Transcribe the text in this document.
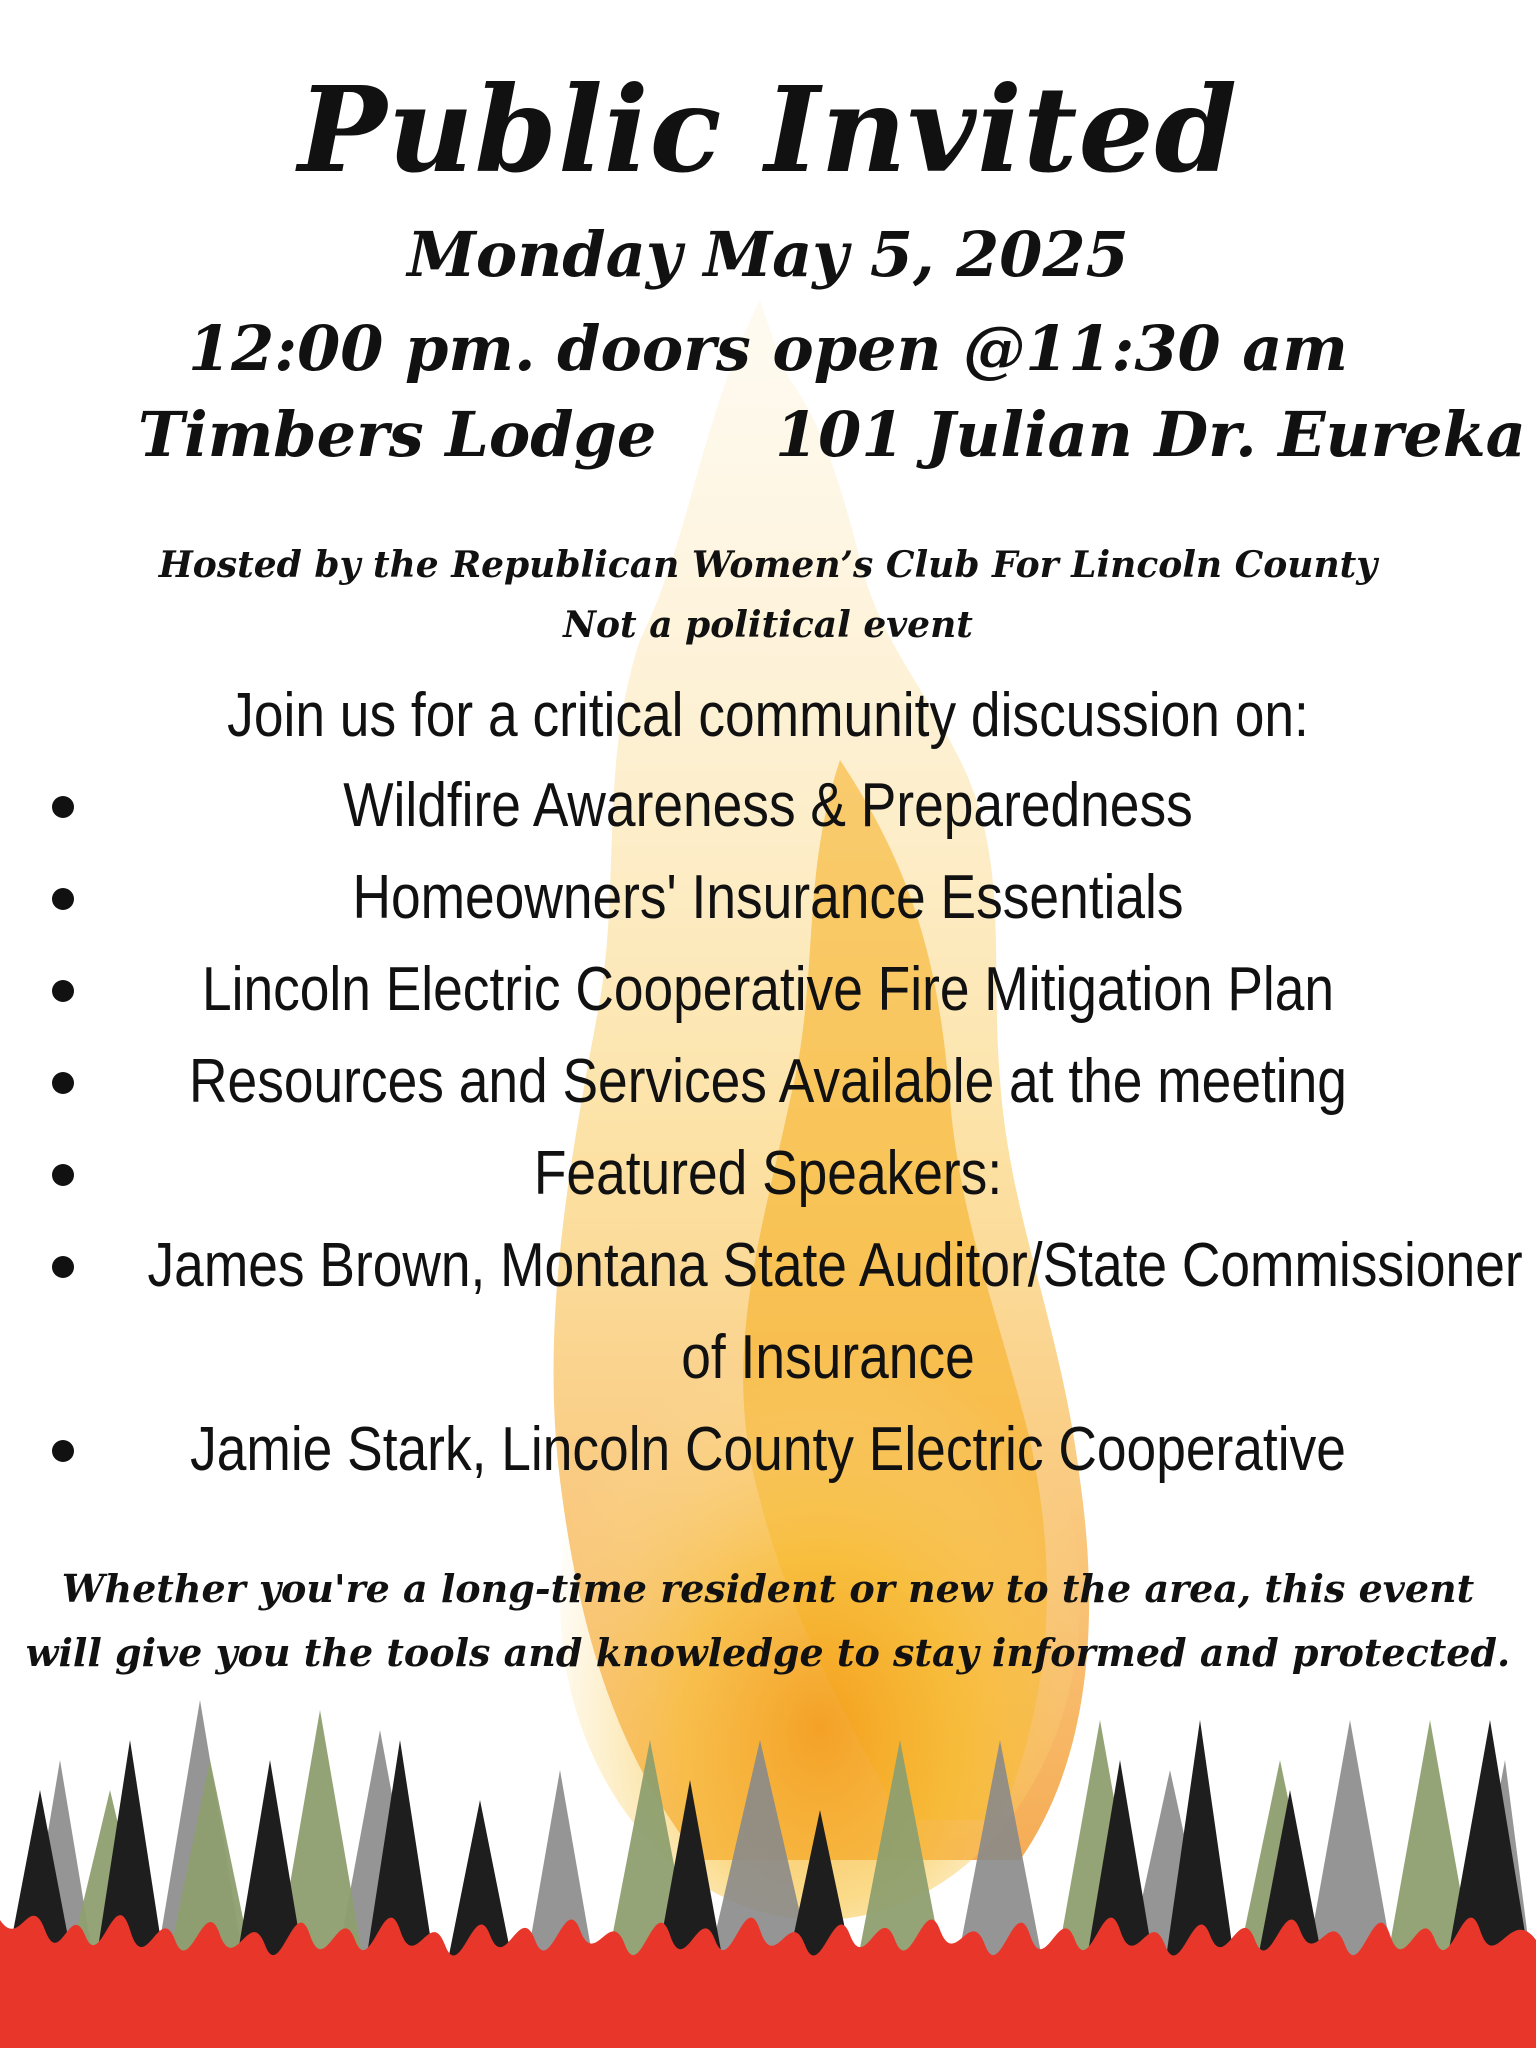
Public Invited
Monday May 5, 2025
12:00 pm. doors open @11:30 am
Timbers Lodge 101 Julian Dr. Eureka
Hosted by the Republican Women’s Club For Lincoln County
Not a political event
Join us for a critical community discussion on:
Wildfire Awareness & Preparedness
Homeowners' Insurance Essentials
Lincoln Electric Cooperative Fire Mitigation Plan
Resources and Services Available at the meeting
Featured Speakers:
James Brown, Montana State Auditor/State Commissioner
of Insurance
Jamie Stark, Lincoln County Electric Cooperative
Whether you're a long-time resident or new to the area, this event
will give you the tools and knowledge to stay informed and protected.
